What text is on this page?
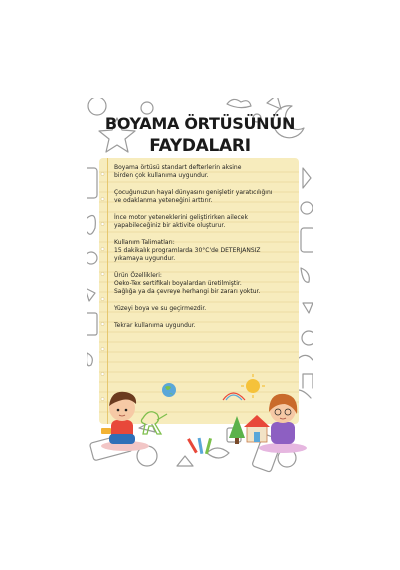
BOYAMA ÖRTÜSÜNÜN
FAYDALARI

Boyama örtüsü standart defterlerin aksine
birden çok kullanıma uygundur.

Çocuğunuzun hayal dünyasını genişletir yaratıcılığını
ve odaklanma yeteneğini arttırır.

İnce motor yeteneklerini geliştirirken ailecek
yapabileceğiniz bir aktivite oluşturur.

Kullanım Talimatları:
15 dakikalık programlarda 30°C'de DETERJANSIZ
yıkamaya uygundur.

Ürün Özellikleri:
Oeko-Tex sertifikalı boyalardan üretilmiştir.
Sağlığa ya da çevreye herhangi bir zararı yoktur.

Yüzeyi boya ve su geçirmezdir.

Tekrar kullanıma uygundur.
